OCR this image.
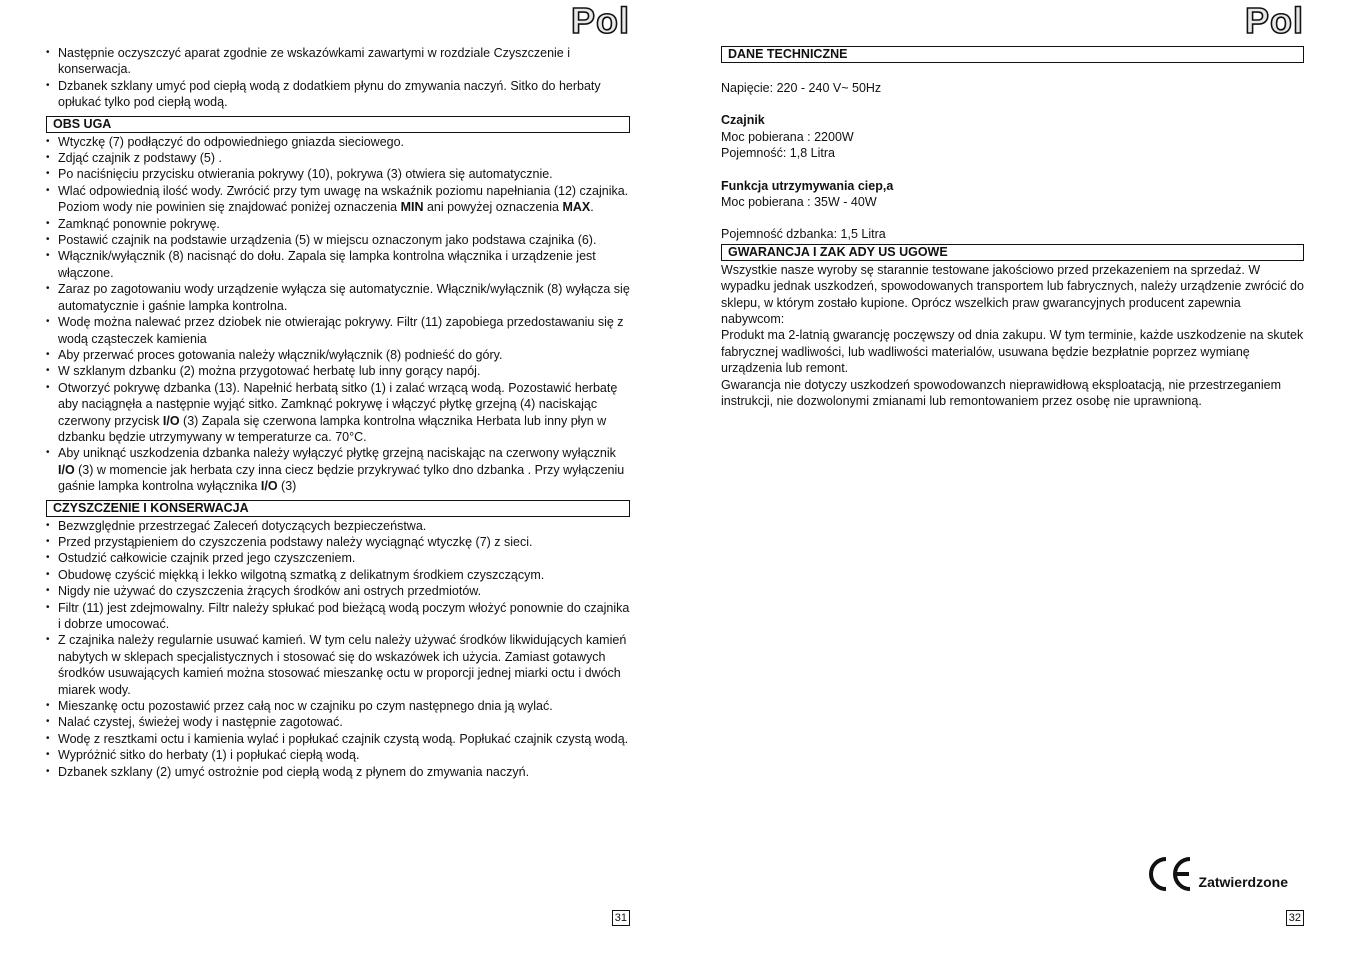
Pol
• Następnie oczyszczyć aparat zgodnie ze wskazówkami zawartymi w rozdziale Czyszczenie i konserwacja.
• Dzbanek szklany umyć pod ciepłą wodą z dodatkiem płynu do zmywania naczyń. Sitko do herbaty opłukać tylko pod ciepłą wodą.
OBS UGA
• Wtyczkę (7) podłączyć do odpowiedniego gniazda sieciowego.
• Zdjąć czajnik z podstawy (5) .
• Po naciśnięciu przycisku otwierania pokrywy (10), pokrywa (3) otwiera się automatycznie.
• Wlać odpowiednią ilość wody. Zwrócić przy tym uwagę na wskaźnik poziomu napełniania (12) czajnika. Poziom wody nie powinien się znajdować poniżej oznaczenia MIN ani powyżej oznaczenia MAX.
• Zamknąć ponownie pokrywę.
• Postawić czajnik na podstawie urządzenia (5) w miejscu oznaczonym jako podstawa czajnika (6).
• Włącznik/wyłącznik (8) nacisnąć do dołu. Zapala się lampka kontrolna włącznika i urządzenie jest włączone.
• Zaraz po zagotowaniu wody urządzenie wyłącza się automatycznie. Włącznik/wyłącznik (8) wyłącza się automatycznie i gaśnie lampka kontrolna.
• Wodę można nalewać przez dziobek nie otwierając pokrywy. Filtr (11) zapobiega przedostawaniu się z wodą cząsteczek kamienia
• Aby przerwać proces gotowania należy włącznik/wyłącznik (8) podnieść do góry.
• W szklanym dzbanku (2) można przygotować herbatę lub inny gorący napój.
• Otworzyć pokrywę dzbanka (13). Napełnić herbatą sitko (1) i zalać wrzącą wodą. Pozostawić herbatę aby naciągnęła a następnie wyjąć sitko. Zamknąć pokrywę i włączyć płytkę grzejną (4) naciskając czerwony przycisk I/O (3) Zapala się czerwona lampka kontrolna włącznika Herbata lub inny płyn w dzbanku będzie utrzymywany w temperaturze ca. 70°C.
• Aby uniknąć uszkodzenia dzbanka należy wyłączyć płytkę grzejną naciskając na czerwony wyłącznik I/O (3) w momencie jak herbata czy inna ciecz będzie przykrywać tylko dno dzbanka . Przy wyłączeniu gaśnie lampka kontrolna wyłącznika I/O (3)
CZYSZCZENIE I KONSERWACJA
• Bezwzględnie przestrzegać Zaleceń dotyczących bezpieczeństwa.
• Przed przystąpieniem do czyszczenia podstawy należy wyciągnąć wtyczkę (7) z sieci.
• Ostudzić całkowicie czajnik przed jego czyszczeniem.
• Obudowę czyścić miękką i lekko wilgotną szmatką z delikatnym środkiem czyszczącym.
• Nigdy nie używać do czyszczenia żrących środków ani ostrych przedmiotów.
• Filtr (11) jest zdejmowalny. Filtr należy spłukać pod bieżącą wodą poczym włożyć ponownie do czajnika i dobrze umocować.
• Z czajnika należy regularnie usuwać kamień. W tym celu należy używać środków likwidujących kamień nabytych w sklepach specjalistycznych i stosować się do wskazówek ich użycia. Zamiast gotawych środków usuwających kamień można stosować mieszankę octu w proporcji jednej miarki octu i dwóch miarek wody.
• Mieszankę octu pozostawić przez całą noc w czajniku po czym następnego dnia ją wylać.
• Nalać czystej, świeżej wody i następnie zagotować.
• Wodę z resztkami octu i kamienia wylać i popłukać czajnik czystą wodą. Popłukać czajnik czystą wodą.
• Wypróżnić sitko do herbaty (1) i popłukać ciepłą wodą.
• Dzbanek szklany (2) umyć ostrożnie pod ciepłą wodą z płynem do zmywania naczyń.
31
Pol
DANE TECHNICZNE

Napięcie: 220 - 240 V~ 50Hz

Czajnik

Moc pobierana : 2200W

Pojemność: 1,8 Litra

Funkcja utrzymywania ciep,a

Moc pobierana : 35W - 40W

Pojemność dzbanka: 1,5 Litra

GWARANCJA I ZAK ADY US UGOWE

Wszystkie nasze wyroby sę starannie testowane jakościowo przed przekazeniem na sprzedaż. W wypadku jednak uszkodzeń, spowodowanych transportem lub fabrycznych, należy urządzenie zwrócić do sklepu, w którym zostało kupione. Oprócz wszelkich praw gwarancyjnych producent zapewnia nabywcom:

Produkt ma 2-latnią gwarancję poczęwszy od dnia zakupu. W tym terminie, każde uszkodzenie na skutek fabrycznej wadliwości, lub wadliwości materialów, usuwana będzie bezpłatnie poprzez wymianę urządzenia lub remont.

Gwarancja nie dotyczy uszkodzeń spowodowanzch nieprawidłową eksploatacją, nie przestrzeganiem instrukcji, nie dozwolonymi zmianami lub remontowaniem przez osobę nie uprawnioną.

Zatwierdzone
32
